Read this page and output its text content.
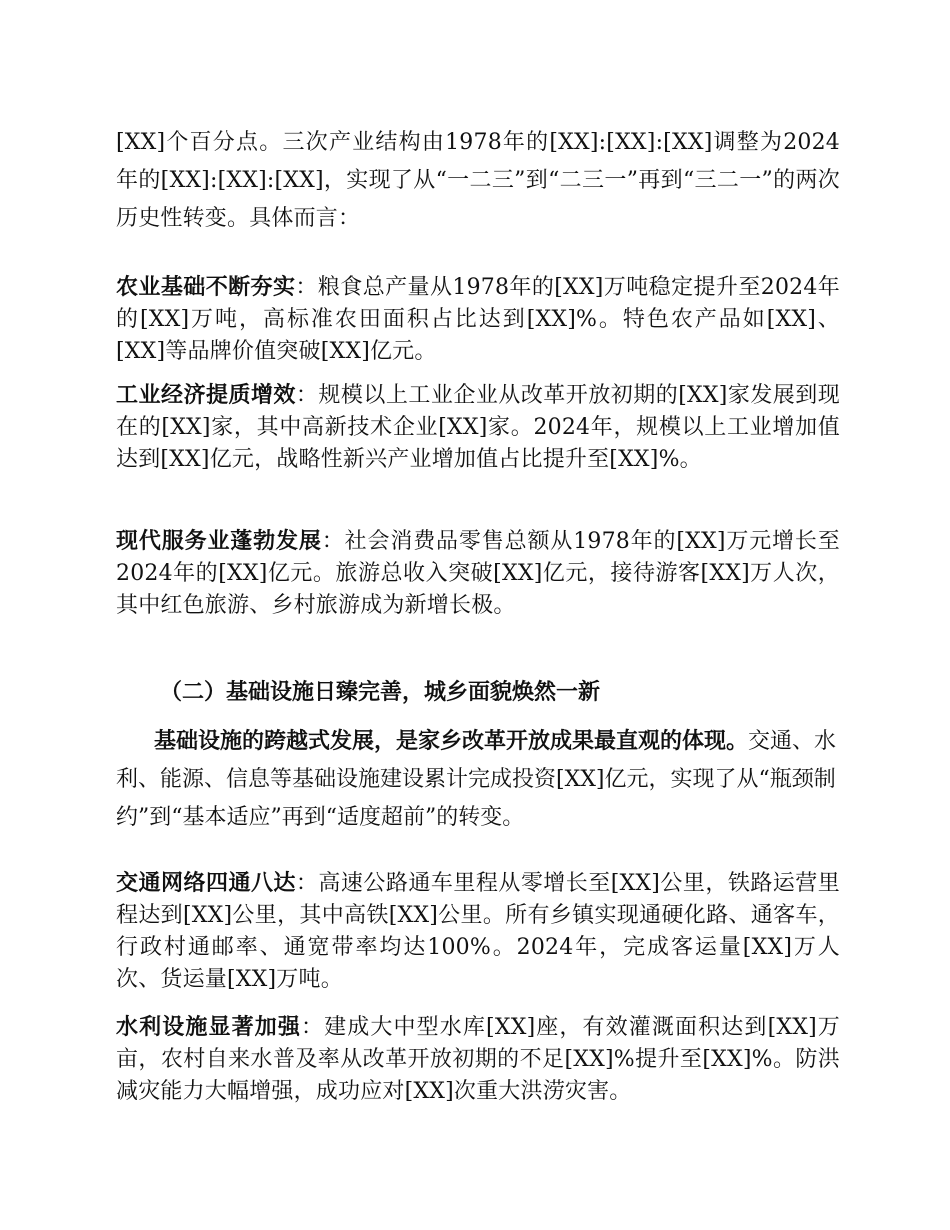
[XX]个百分点。三次产业结构由1978年的[XX]:[XX]:[XX]调整为2024年的[XX]:[XX]:[XX]，实现了从“一二三”到“二三一”再到“三二一”的两次历史性转变。具体而言：

农业基础不断夯实：粮食总产量从1978年的[XX]万吨稳定提升至2024年的[XX]万吨，高标准农田面积占比达到[XX]%。特色农产品如[XX]、[XX]等品牌价值突破[XX]亿元。

工业经济提质增效：规模以上工业企业从改革开放初期的[XX]家发展到现在的[XX]家，其中高新技术企业[XX]家。2024年，规模以上工业增加值达到[XX]亿元，战略性新兴产业增加值占比提升至[XX]%。

现代服务业蓬勃发展：社会消费品零售总额从1978年的[XX]万元增长至2024年的[XX]亿元。旅游总收入突破[XX]亿元，接待游客[XX]万人次，其中红色旅游、乡村旅游成为新增长极。

（二）基础设施日臻完善，城乡面貌焕然一新

基础设施的跨越式发展，是家乡改革开放成果最直观的体现。交通、水利、能源、信息等基础设施建设累计完成投资[XX]亿元，实现了从“瓶颈制约”到“基本适应”再到“适度超前”的转变。

交通网络四通八达：高速公路通车里程从零增长至[XX]公里，铁路运营里程达到[XX]公里，其中高铁[XX]公里。所有乡镇实现通硬化路、通客车，行政村通邮率、通宽带率均达100%。2024年，完成客运量[XX]万人次、货运量[XX]万吨。

水利设施显著加强：建成大中型水库[XX]座，有效灌溉面积达到[XX]万亩，农村自来水普及率从改革开放初期的不足[XX]%提升至[XX]%。防洪减灾能力大幅增强，成功应对[XX]次重大洪涝灾害。
